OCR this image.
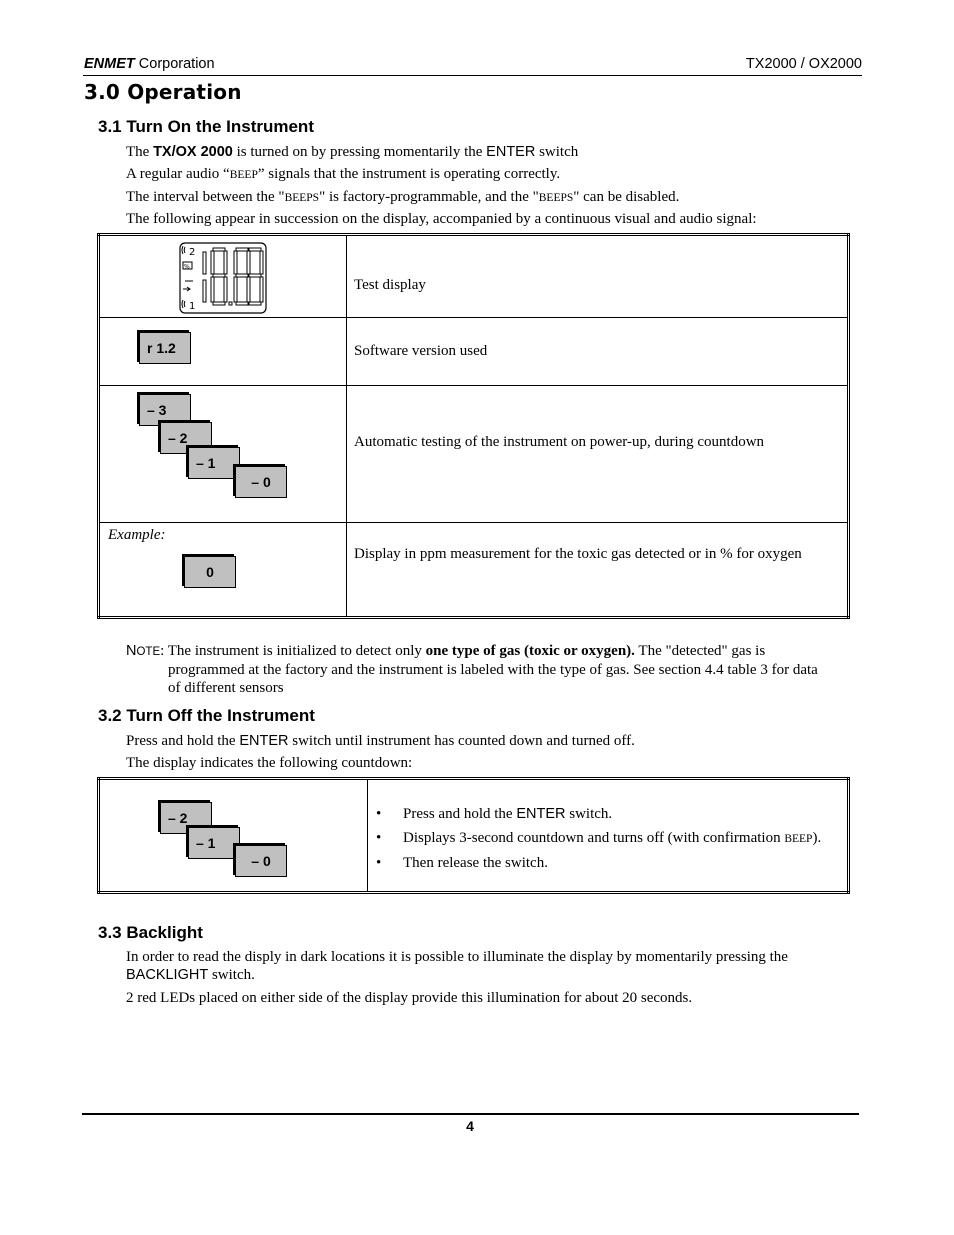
ENMET Corporation	TX2000 / OX2000
3.0 Operation
3.1 Turn On the Instrument
The TX/OX 2000 is turned on by pressing momentarily the ENTER switch
A regular audio “BEEP” signals that the instrument is operating correctly.
The interval between the "BEEPS" is factory-programmable, and the "BEEPS" can be disabled.
The following appear in succession on the display, accompanied by a continuous visual and audio signal:
2
%
1	Test display

r 1.2	Software version used

– 3
– 2
– 1
– 0	Automatic testing of the instrument on power-up, during countdown

Example:
0	Display in ppm measurement for the toxic gas detected or in % for oxygen
NOTE: The instrument is initialized to detect only one type of gas (toxic or oxygen). The "detected" gas is
programmed at the factory and the instrument is labeled with the type of gas. See section 4.4 table 3 for data
of different sensors
3.2 Turn Off the Instrument
Press and hold the ENTER switch until instrument has counted down and turned off.
The display indicates the following countdown:
– 2
– 1
– 0

• Press and hold the ENTER switch.
• Displays 3-second countdown and turns off (with confirmation BEEP).
• Then release the switch.
3.3 Backlight
In order to read the disply in dark locations it is possible to illuminate the display by momentarily pressing the
BACKLIGHT switch.
2 red LEDs placed on either side of the display provide this illumination for about 20 seconds.
4
